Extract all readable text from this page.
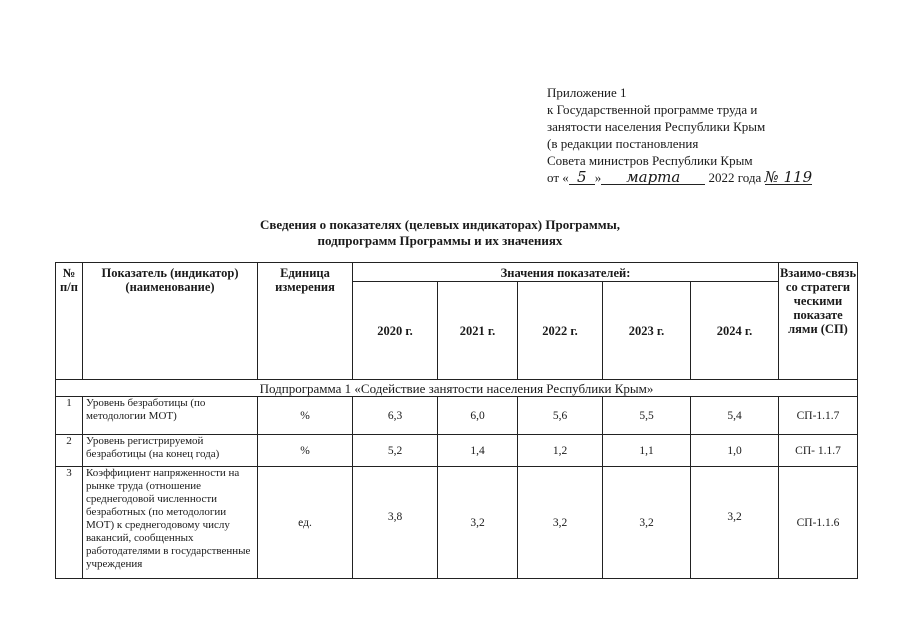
Приложение 1
к Государственной программе труда и
занятости населения Республики Крым
(в редакции постановления
Совета министров Республики Крым
от « 5 » марта 2022 года № 119
Сведения о показателях (целевых индикаторах) Программы,
подпрограмм Программы и их значениях
№ п/п	Показатель (индикатор) (наименование)	Единица измерения	Значения показателей:					Взаимо-связь со стратеги ческими показате лями (СП)
			2020 г.	2021 г.	2022 г.	2023 г.	2024 г.	
Подпрограмма 1 «Содействие занятости населения Республики Крым»								
1	Уровень безработицы (по методологии МОТ)	%	6,3	6,0	5,6	5,5	5,4	СП-1.1.7
2	Уровень регистрируемой безработицы (на конец года)	%	5,2	1,4	1,2	1,1	1,0	СП- 1.1.7
3	Коэффициент напряженности на рынке труда (отношение среднегодовой численности безработных (по методологии МОТ) к среднегодовому числу вакансий, сообщенных работодателями в государственные учреждения	ед.	3,8	3,2	3,2	3,2	3,2	СП-1.1.6
